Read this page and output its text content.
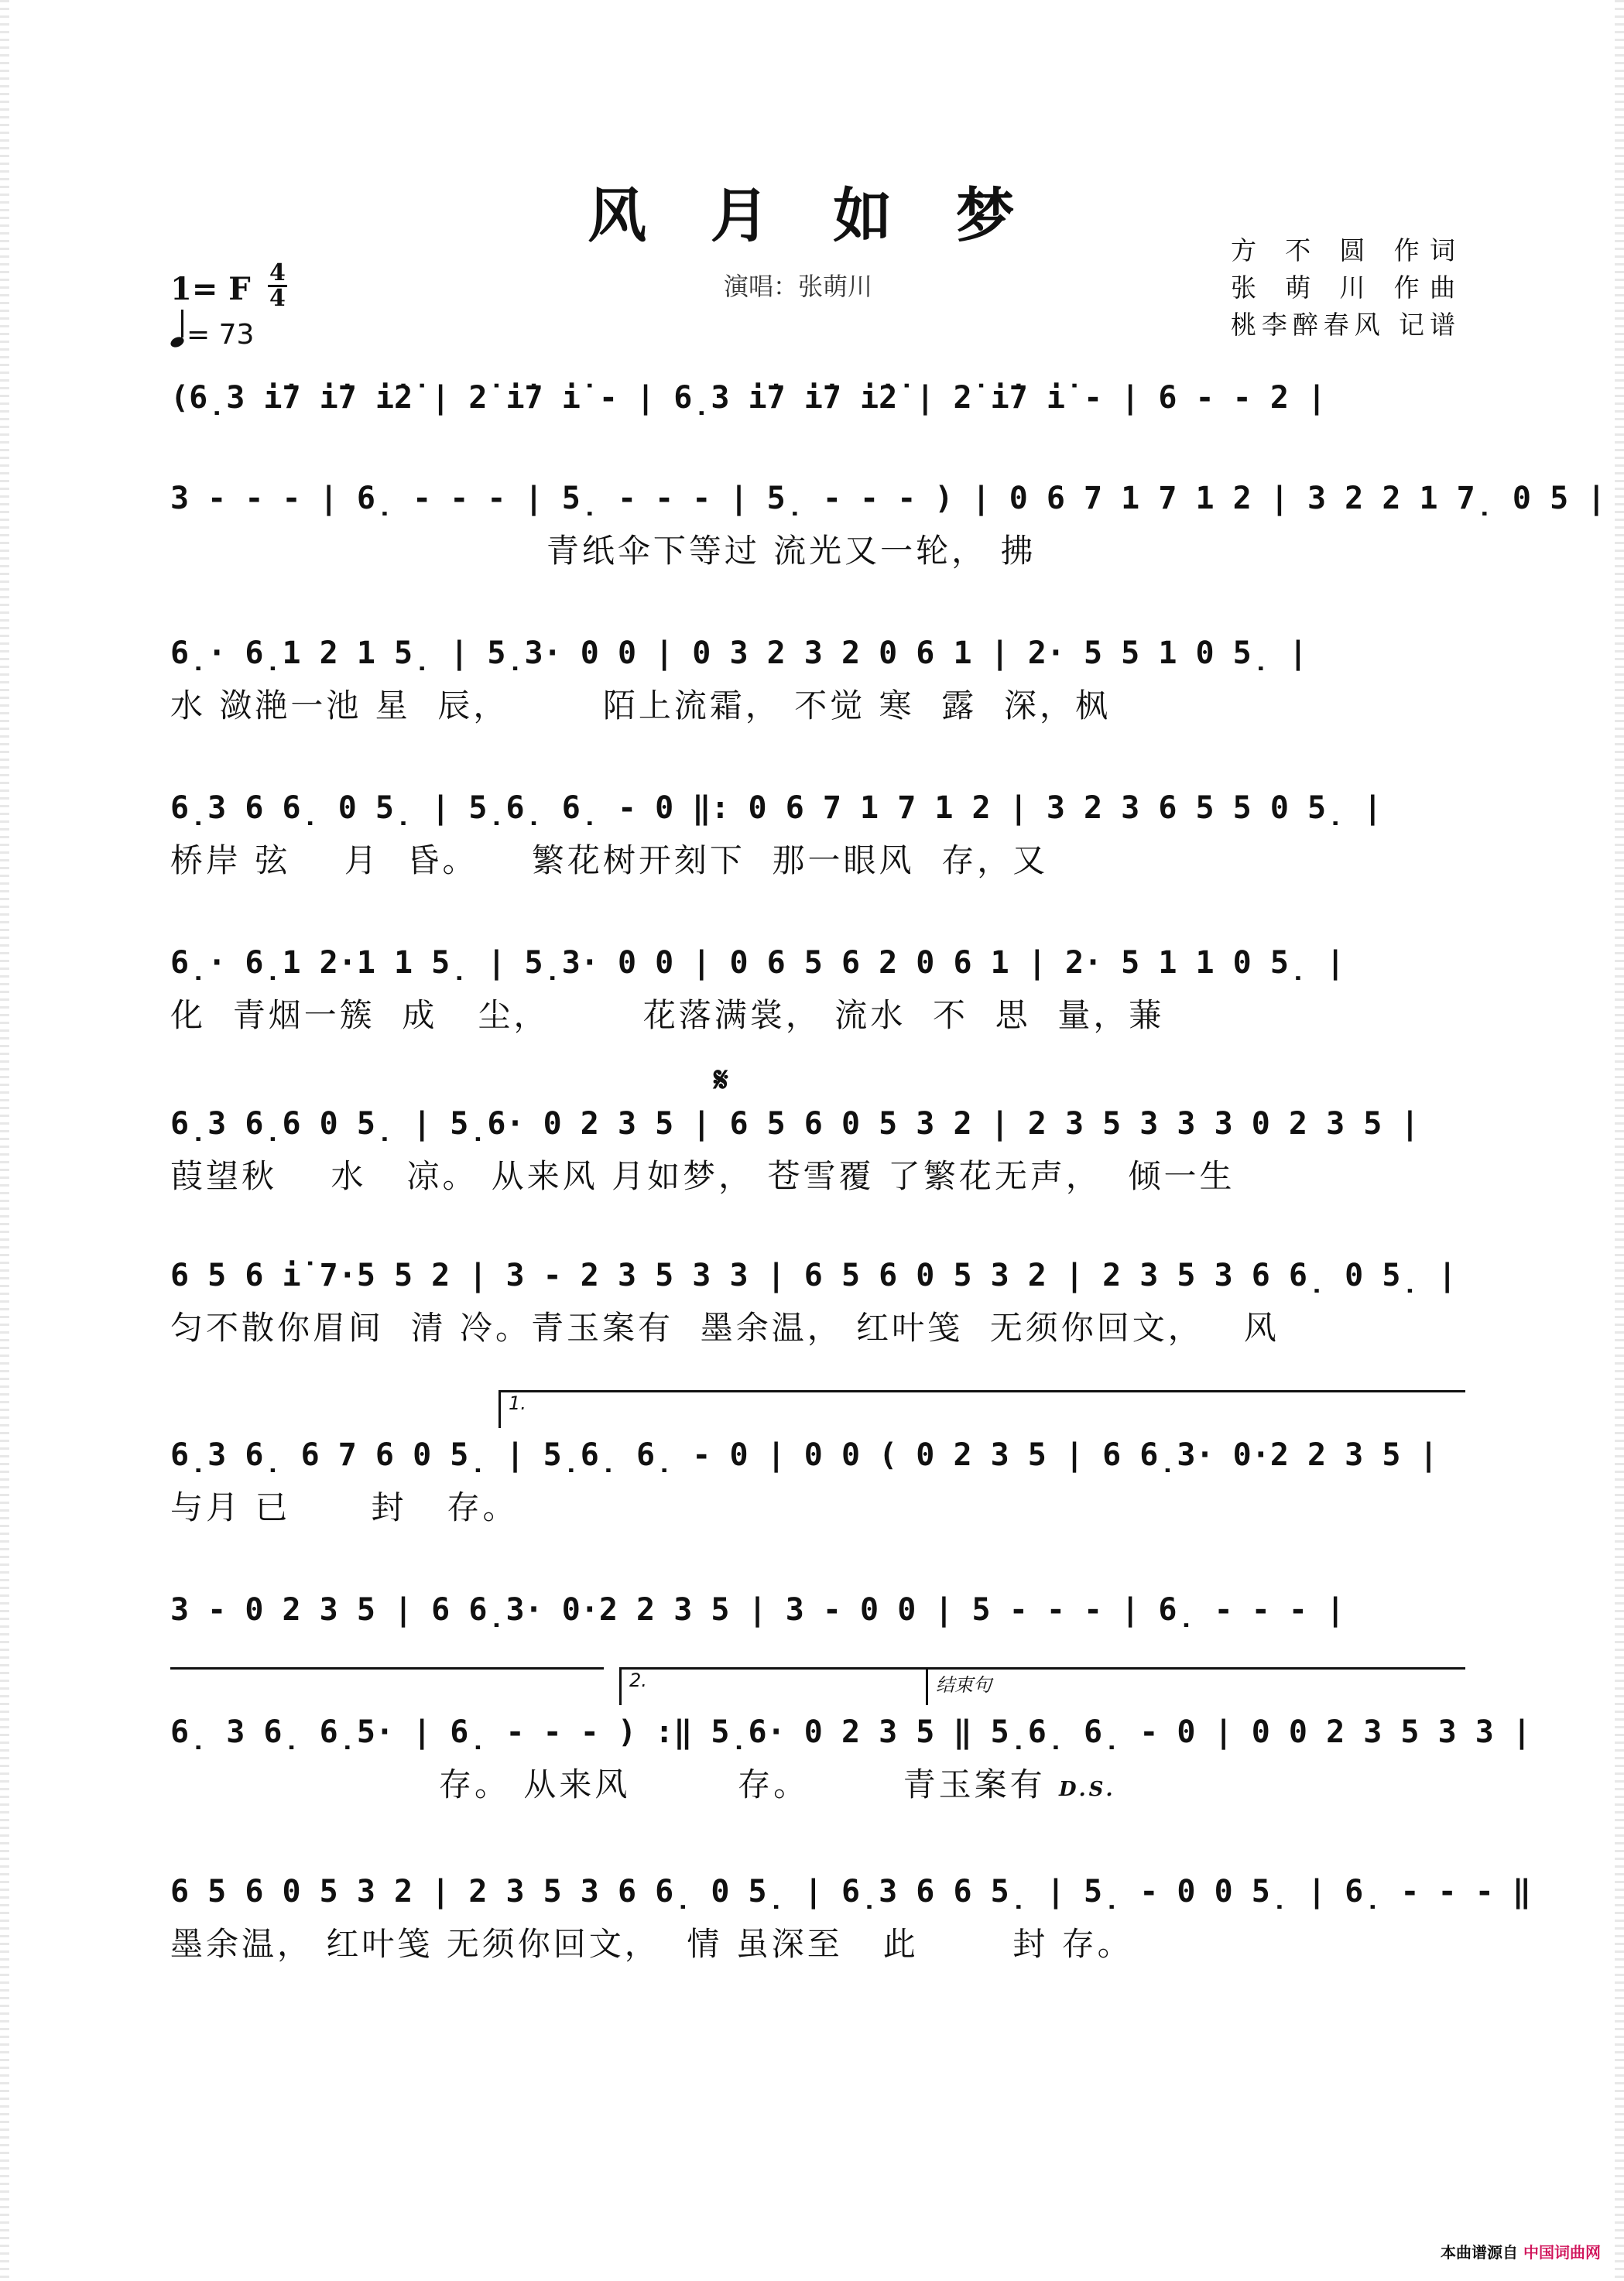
风 月 如 梦
演唱：张萌川
方 不 圆 作词
张 萌 川 作曲
桃李醉春风 记谱
1= F $\frac{4}{4}$
= 73
𝄋
(6̣3 i̇7 i̇7 i̇2̇ | 2̇ i̇7 i̇ - | 6̣3 i̇7 i̇7 i̇2̇ | 2̇ i̇7 i̇ - | 6 - - 2 |
3 - - - | 6̣ - - - | 5̣ - - - | 5̣ - - - ) | 0 6 7 1 7 1 2 | 3 2 2 1 7̣ 0 5 |
青纸伞下等过 流光又一轮， 拂
6̣· 6̣1 2 1 5̣ | 5̣3· 0 0 | 0 3 2 3 2 0 6 1 | 2· 5 5 1 0 5̣ |
水 潋滟一池 星  辰，       陌上流霜， 不觉 寒  露  深，枫
6̣3 6 6̣ 0 5̣ | 5̣6̣ 6̣ - 0 ‖: 0 6 7 1 7 1 2 | 3 2 3 6 5 5 0 5̣ |
桥岸 弦    月  昏。    繁花树开刻下  那一眼风  存，又
6̣· 6̣1 2·1 1 5̣ | 5̣3· 0 0 | 0 6 5 6 2 0 6 1 | 2· 5 1 1 0 5̣ |
化  青烟一簇  成   尘，       花落满裳， 流水  不  思  量，蒹
6̣3 6̣6 0 5̣ | 5̣6· 0 2 3 5 | 6 5 6 0 5 3 2 | 2 3 5 3 3 3 0 2 3 5 |
葭望秋    水   凉。 从来风 月如梦， 苍雪覆 了繁花无声，  倾一生
6 5 6 i̇ 7·5 5 2 | 3 - 2 3 5 3 3 | 6 5 6 0 5 3 2 | 2 3 5 3 6 6̣ 0 5̣ |
匀不散你眉间  清 冷。青玉案有  墨余温， 红叶笺  无须你回文，   风
1.
6̣3 6̣ 6 7 6 0 5̣ | 5̣6̣ 6̣ - 0 | 0 0 ( 0 2 3 5 | 6 6̣3· 0·2 2 3 5 |
与月 已      封   存。
3 - 0 2 3 5 | 6 6̣3· 0·2 2 3 5 | 3 - 0 0 | 5 - - - | 6̣ - - - |
2.	结束句
6̣ 3 6̣ 6̣5· | 6̣ - - - ) :‖ 5̣6· 0 2 3 5 ‖ 5̣6̣ 6̣ - 0 | 0 0 2 3 5 3 3 |
存。 从来风        存。       青玉案有 D.S.
6 5 6 0 5 3 2 | 2 3 5 3 6 6̣ 0 5̣ | 6̣3 6 6 5̣ | 5̣ - 0 0 5̣ | 6̣ - - - ‖
墨余温， 红叶笺 无须你回文，  情 虽深至   此       封 存。
本曲谱源自 中国词曲网
